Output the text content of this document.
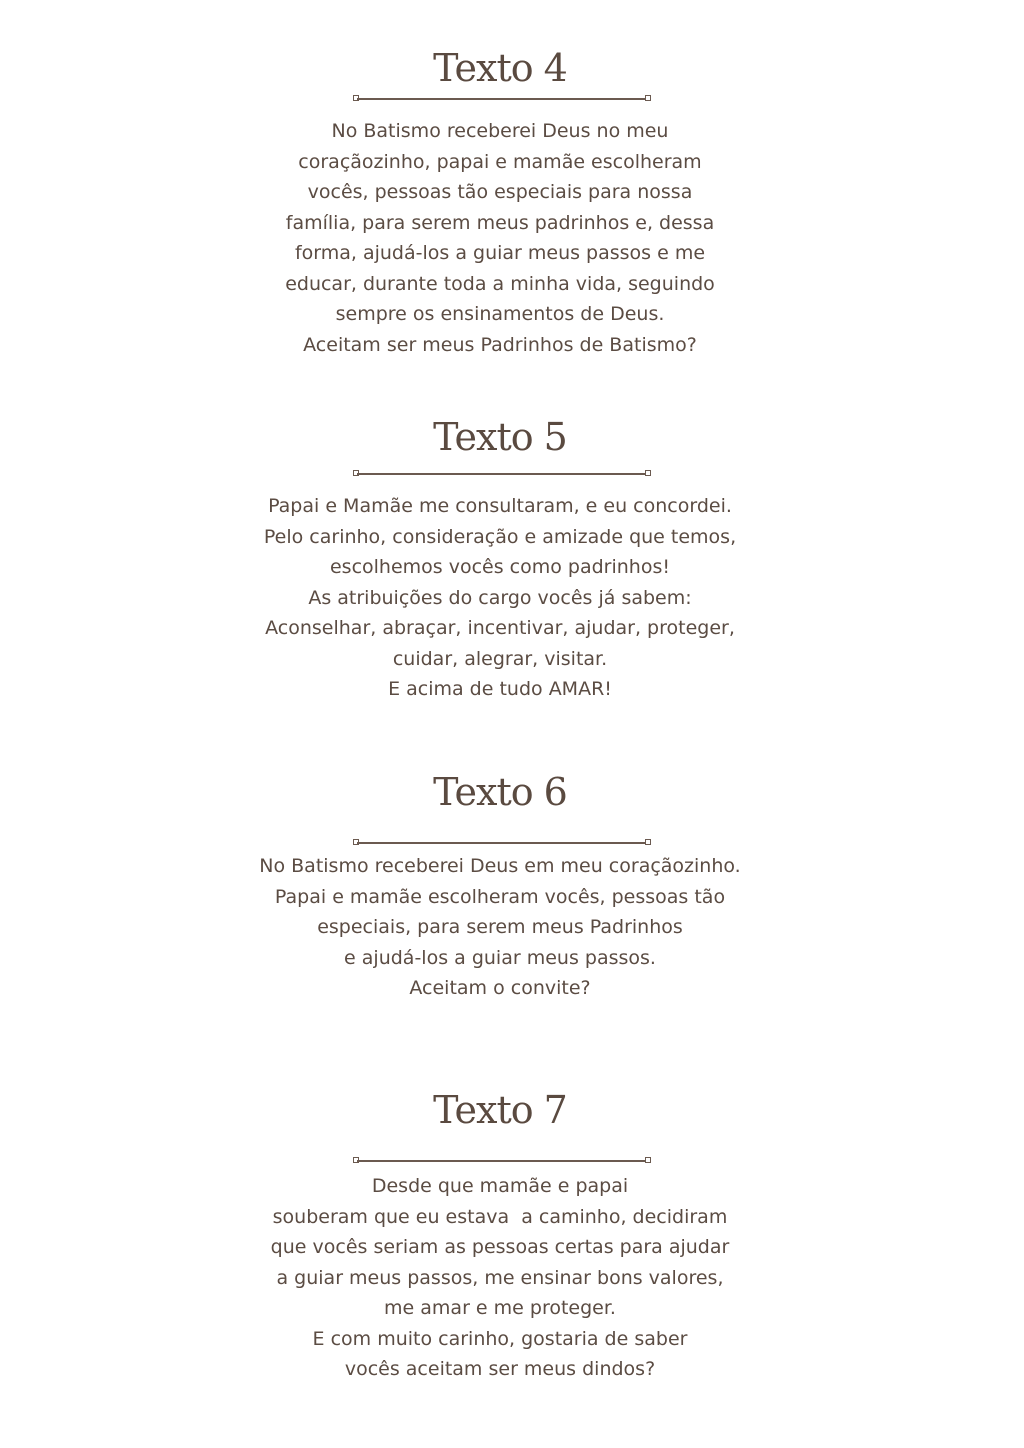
Texto 4
No Batismo receberei Deus no meu
coraçãozinho, papai e mamãe escolheram
vocês, pessoas tão especiais para nossa
família, para serem meus padrinhos e, dessa
forma, ajudá-los a guiar meus passos e me
educar, durante toda a minha vida, seguindo
sempre os ensinamentos de Deus.
Aceitam ser meus Padrinhos de Batismo?
Texto 5
Papai e Mamãe me consultaram, e eu concordei.
Pelo carinho, consideração e amizade que temos,
escolhemos vocês como padrinhos!
As atribuições do cargo vocês já sabem:
Aconselhar, abraçar, incentivar, ajudar, proteger,
cuidar, alegrar, visitar.
E acima de tudo AMAR!
Texto 6
No Batismo receberei Deus em meu coraçãozinho.
Papai e mamãe escolheram vocês, pessoas tão
especiais, para serem meus Padrinhos
e ajudá-los a guiar meus passos.
Aceitam o convite?
Texto 7
Desde que mamãe e papai
souberam que eu estava  a caminho, decidiram
que vocês seriam as pessoas certas para ajudar
a guiar meus passos, me ensinar bons valores,
me amar e me proteger.
E com muito carinho, gostaria de saber
vocês aceitam ser meus dindos?
